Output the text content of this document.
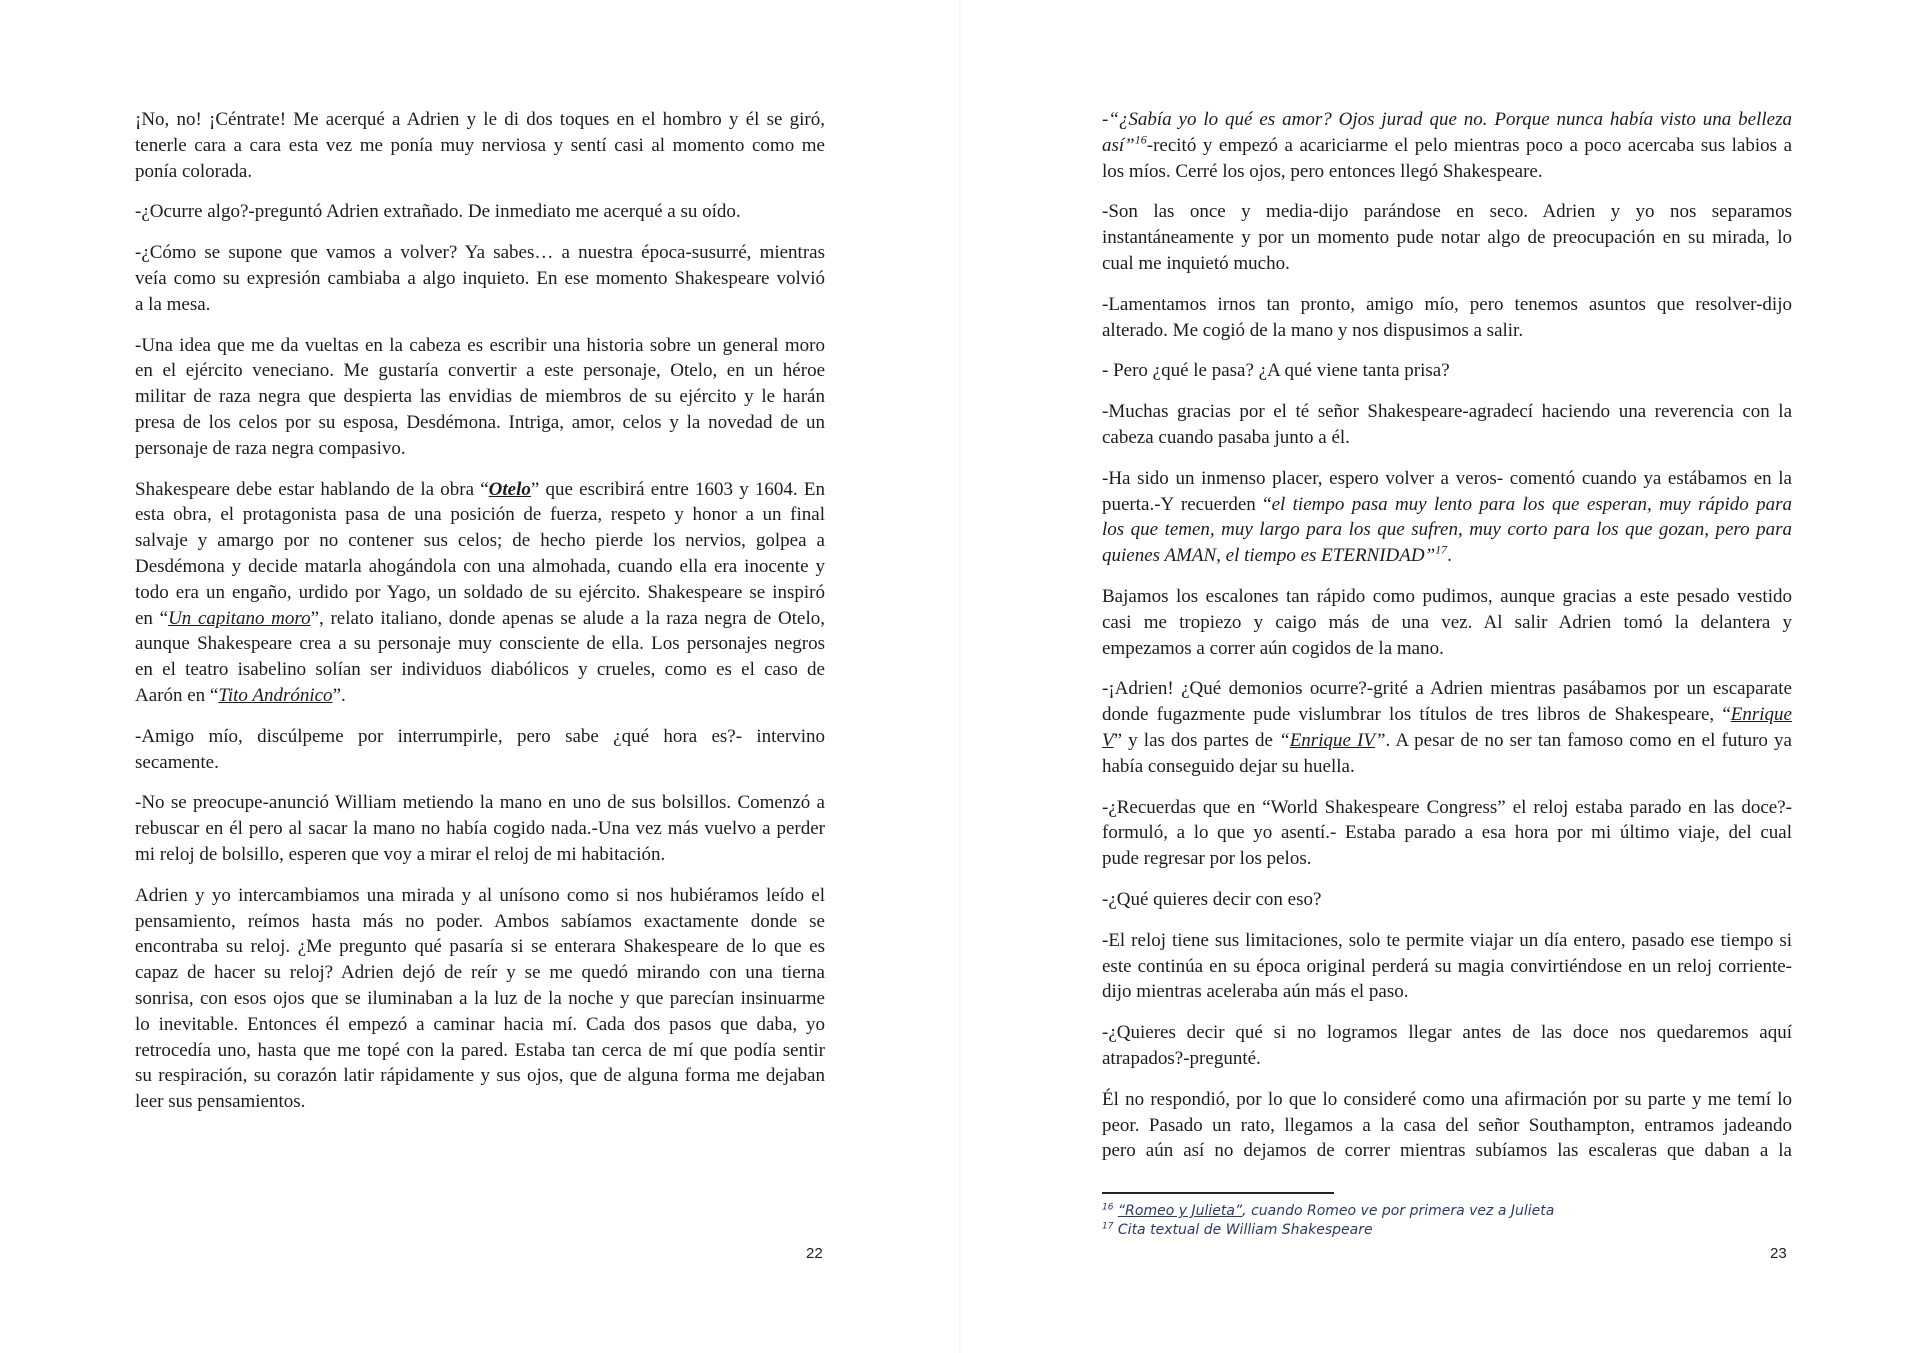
¡No, no! ¡Céntrate! Me acerqué a Adrien y le di dos toques en el hombro y él se giró,
tenerle cara a cara esta vez me ponía muy nerviosa y sentí casi al momento como me
ponía colorada.

-¿Ocurre algo?-preguntó Adrien extrañado. De inmediato me acerqué a su oído.

-¿Cómo se supone que vamos a volver? Ya sabes… a nuestra época-susurré, mientras
veía como su expresión cambiaba a algo inquieto. En ese momento Shakespeare volvió
a la mesa.

-Una idea que me da vueltas en la cabeza es escribir una historia sobre un general moro
en el ejército veneciano. Me gustaría convertir a este personaje, Otelo, en un héroe
militar de raza negra que despierta las envidias de miembros de su ejército y le harán
presa de los celos por su esposa, Desdémona. Intriga, amor, celos y la novedad de un
personaje de raza negra compasivo.

Shakespeare debe estar hablando de la obra “Otelo” que escribirá entre 1603 y 1604. En
esta obra, el protagonista pasa de una posición de fuerza, respeto y honor a un final
salvaje y amargo por no contener sus celos; de hecho pierde los nervios, golpea a
Desdémona y decide matarla ahogándola con una almohada, cuando ella era inocente y
todo era un engaño, urdido por Yago, un soldado de su ejército. Shakespeare se inspiró
en “Un capitano moro”, relato italiano, donde apenas se alude a la raza negra de Otelo,
aunque Shakespeare crea a su personaje muy consciente de ella. Los personajes negros
en el teatro isabelino solían ser individuos diabólicos y crueles, como es el caso de
Aarón en “Tito Andrónico”.

-Amigo mío, discúlpeme por interrumpirle, pero sabe ¿qué hora es?- intervino
secamente.

-No se preocupe-anunció William metiendo la mano en uno de sus bolsillos. Comenzó a
rebuscar en él pero al sacar la mano no había cogido nada.-Una vez más vuelvo a perder
mi reloj de bolsillo, esperen que voy a mirar el reloj de mi habitación.

Adrien y yo intercambiamos una mirada y al unísono como si nos hubiéramos leído el
pensamiento, reímos hasta más no poder. Ambos sabíamos exactamente donde se
encontraba su reloj. ¿Me pregunto qué pasaría si se enterara Shakespeare de lo que es
capaz de hacer su reloj? Adrien dejó de reír y se me quedó mirando con una tierna
sonrisa, con esos ojos que se iluminaban a la luz de la noche y que parecían insinuarme
lo inevitable. Entonces él empezó a caminar hacia mí. Cada dos pasos que daba, yo
retrocedía uno, hasta que me topé con la pared. Estaba tan cerca de mí que podía sentir
su respiración, su corazón latir rápidamente y sus ojos, que de alguna forma me dejaban
leer sus pensamientos.

22

-“¿Sabía yo lo qué es amor? Ojos jurad que no. Porque nunca había visto una belleza
así”$^{16}$-recitó y empezó a acariciarme el pelo mientras poco a poco acercaba sus labios a
los míos. Cerré los ojos, pero entonces llegó Shakespeare.

-Son las once y media-dijo parándose en seco. Adrien y yo nos separamos
instantáneamente y por un momento pude notar algo de preocupación en su mirada, lo
cual me inquietó mucho.

-Lamentamos irnos tan pronto, amigo mío, pero tenemos asuntos que resolver-dijo
alterado. Me cogió de la mano y nos dispusimos a salir.

- Pero ¿qué le pasa? ¿A qué viene tanta prisa?

-Muchas gracias por el té señor Shakespeare-agradecí haciendo una reverencia con la
cabeza cuando pasaba junto a él.

-Ha sido un inmenso placer, espero volver a veros- comentó cuando ya estábamos en la
puerta.-Y recuerden “el tiempo pasa muy lento para los que esperan, muy rápido para
los que temen, muy largo para los que sufren, muy corto para los que gozan, pero para
quienes AMAN, el tiempo es ETERNIDAD”$^{17}$.

Bajamos los escalones tan rápido como pudimos, aunque gracias a este pesado vestido
casi me tropiezo y caigo más de una vez. Al salir Adrien tomó la delantera y
empezamos a correr aún cogidos de la mano.

-¡Adrien! ¿Qué demonios ocurre?-grité a Adrien mientras pasábamos por un escaparate
donde fugazmente pude vislumbrar los títulos de tres libros de Shakespeare, “Enrique
V” y las dos partes de “Enrique IV”. A pesar de no ser tan famoso como en el futuro ya
había conseguido dejar su huella.

-¿Recuerdas que en “World Shakespeare Congress” el reloj estaba parado en las doce?-
formuló, a lo que yo asentí.- Estaba parado a esa hora por mi último viaje, del cual
pude regresar por los pelos.

-¿Qué quieres decir con eso?

-El reloj tiene sus limitaciones, solo te permite viajar un día entero, pasado ese tiempo si
este continúa en su época original perderá su magia convirtiéndose en un reloj corriente-
dijo mientras aceleraba aún más el paso.

-¿Quieres decir qué si no logramos llegar antes de las doce nos quedaremos aquí
atrapados?-pregunté.

Él no respondió, por lo que lo consideré como una afirmación por su parte y me temí lo
peor. Pasado un rato, llegamos a la casa del señor Southampton, entramos jadeando
pero aún así no dejamos de correr mientras subíamos las escaleras que daban a la

$^{16}$ “Romeo y Julieta”, cuando Romeo ve por primera vez a Julieta
$^{17}$ Cita textual de William Shakespeare
23
